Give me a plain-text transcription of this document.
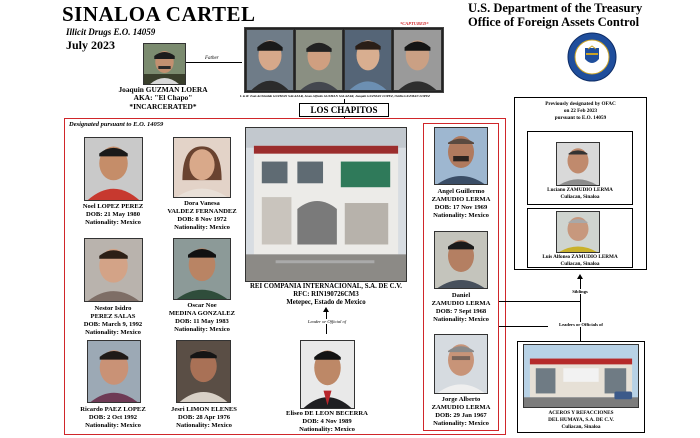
SINALOA CARTEL
Illicit Drugs E.O. 14059
July 2023
U.S. Department of the Treasury
Office of Foreign Assets Control
1789
Father
Joaquin GUZMAN LOERA
AKA: "El Chapo"
*INCARCERATED*
*CAPTURED*
L to R: Ivan Archivaldo GUZMAN SALAZAR, Jesus Alfredo GUZMAN SALAZAR, Joaquin GUZMAN LOPEZ, Ovidio GUZMAN LOPEZ
LOS CHAPITOS
Designated pursuant to E.O. 14059
Noel LOPEZ PEREZ
DOB: 21 May 1980
Nationality: Mexico
Dora Vanesa
VALDEZ FERNANDEZ
DOB: 8 Nov 1972
Nationality: Mexico
Nestor Isidro
PEREZ SALAS
DOB: March 9, 1992
Nationality: Mexico
Oscar Noe
MEDINA GONZALEZ
DOB: 11 May 1983
Nationality: Mexico
Ricardo PAEZ LOPEZ
DOB: 2 Oct 1992
Nationality: Mexico
Jesri LIMON ELENES
DOB: 28 Apr 1976
Nationality: Mexico
REI COMPANIA INTERNACIONAL, S.A. DE C.V.
RFC: RIN190726CM3
Metepec, Estado de Mexico
Leader or Official of
Eliseo DE LEON BECERRA
DOB: 4 Nov 1989
Nationality: Mexico
Angel Guillermo
ZAMUDIO LERMA
DOB: 17 Nov 1969
Nationality: Mexico
Daniel
ZAMUDIO LERMA
DOB: 7 Sept 1968
Nationality: Mexico
Jorge Alberto
ZAMUDIO LERMA
DOB: 29 Jan 1967
Nationality: Mexico
Siblings
Leaders or Officials of
Previously designated by OFAC
on 22 Feb 2023
pursuant to E.O. 14059
Luciano ZAMUDIO LERMA
Culiacan, Sinaloa
Luis Alfonso ZAMUDIO LERMA
Culiacan, Sinaloa
ACEROS Y REFACCIONES
DEL HUMAYA, S.A. DE C.V.
Culiacan, Sinaloa
